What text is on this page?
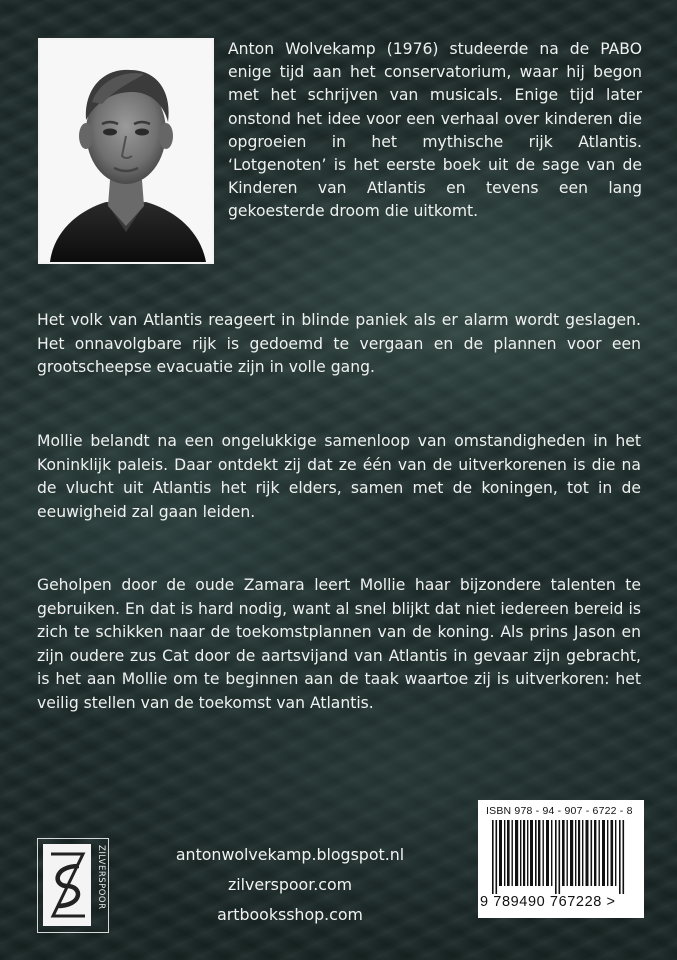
Anton Wolvekamp (1976) studeerde na de PABO enige tijd aan het conservatorium, waar hij begon met het schrijven van musicals. Enige tijd later onstond het idee voor een verhaal over kinderen die opgroeien in het mythische rijk Atlantis. ‘Lotgenoten’ is het eerste boek uit de sage van de Kinderen van Atlantis en tevens een lang gekoesterde droom die uitkomt.
Het volk van Atlantis reageert in blinde paniek als er alarm wordt geslagen. Het onnavolgbare rijk is gedoemd te vergaan en de plannen voor een grootscheepse evacuatie zijn in volle gang.
Mollie belandt na een ongelukkige samenloop van omstandigheden in het Koninklijk paleis. Daar ontdekt zij dat ze één van de uitverkorenen is die na de vlucht uit Atlantis het rijk elders, samen met de koningen, tot in de eeuwigheid zal gaan leiden.
Geholpen door de oude Zamara leert Mollie haar bijzondere talenten te gebruiken. En dat is hard nodig, want al snel blijkt dat niet iedereen bereid is zich te schikken naar de toekomstplannen van de koning. Als prins Jason en zijn oudere zus Cat door de aartsvijand van Atlantis in gevaar zijn gebracht, is het aan Mollie om te beginnen aan de taak waartoe zij is uitverkoren: het veilig stellen van de toekomst van Atlantis.
ZILVERSPOOR	antonwolvekamp.blogspot.nl
zilverspoor.com
artbooksshop.com
ISBN 978 - 94 - 907 - 6722 - 8
9 789490 767228 >
